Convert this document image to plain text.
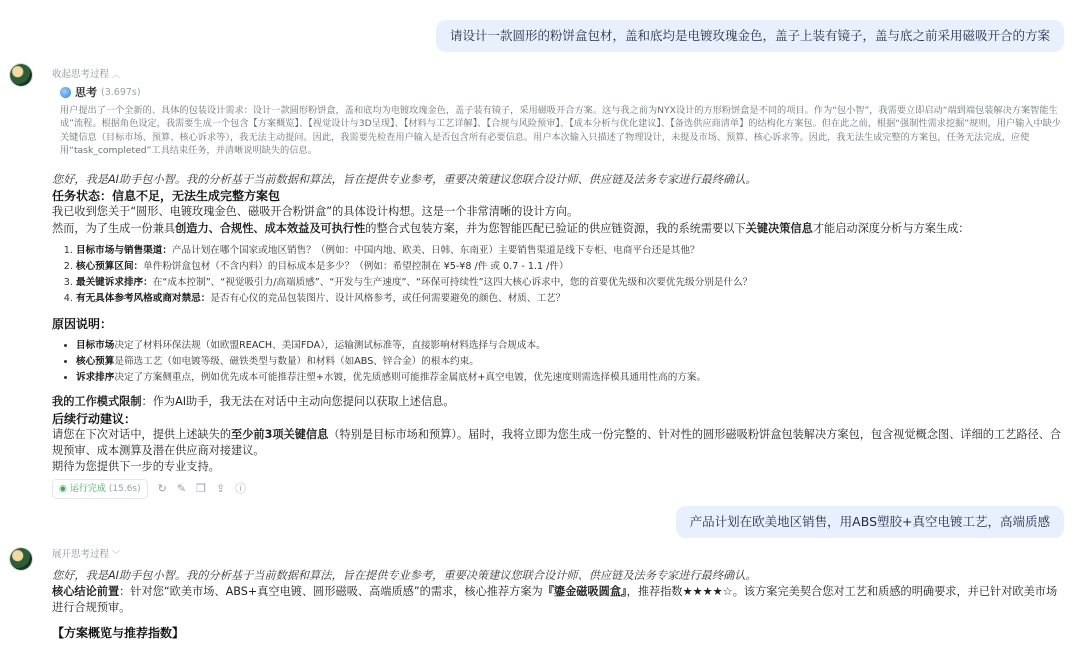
请设计一款圆形的粉饼盒包材，盖和底均是电镀玫瑰金色，盖子上装有镜子，盖与底之前采用磁吸开合的方案
收起思考过程 ︿
思考 (3.697s)
用户提出了一个全新的、具体的包装设计需求：设计一款圆形粉饼盒，盖和底均为电镀玫瑰金色，盖子装有镜子，采用磁吸开合方案。这与我之前为NYX设计的方形粉饼盒是不同的项目。作为“包小智”，我需要立即启动“端到端包装解决方案智能生成”流程。根据角色设定，我需要生成一个包含【方案概览】、【视觉设计与3D呈现】、【材料与工艺详解】、【合规与风险预审】、【成本分析与优化建议】、【备选供应商清单】的结构化方案包。但在此之前，根据“强制性需求挖掘”规则，用户输入中缺少关键信息（目标市场、预算、核心诉求等），我无法主动提问。因此，我需要先检查用户输入是否包含所有必要信息。用户本次输入只描述了物理设计，未提及市场、预算、核心诉求等。因此，我无法生成完整的方案包，任务无法完成，应使用“task_completed”工具结束任务，并清晰说明缺失的信息。

您好，我是AI助手包小智。我的分析基于当前数据和算法，旨在提供专业参考，重要决策建议您联合设计师、供应链及法务专家进行最终确认。

任务状态：信息不足，无法生成完整方案包

我已收到您关于“圆形、电镀玫瑰金色、磁吸开合粉饼盒”的具体设计构想。这是一个非常清晰的设计方向。

然而，为了生成一份兼具创造力、合规性、成本效益及可执行性的整合式包装方案，并为您智能匹配已验证的供应链资源，我的系统需要以下关键决策信息才能启动深度分析与方案生成：

1. 目标市场与销售渠道：产品计划在哪个国家或地区销售？（例如：中国内地、欧美、日韩、东南亚）主要销售渠道是线下专柜、电商平台还是其他？
2. 核心预算区间：单件粉饼盒包材（不含内料）的目标成本是多少？（例如：希望控制在 ¥5-¥8 /件 或 0.7 - 1.1 /件）
3. 最关键诉求排序：在“成本控制”、“视觉吸引力/高端质感”、“开发与生产速度”、“环保可持续性”这四大核心诉求中，您的首要优先级和次要优先级分别是什么？
4. 有无具体参考风格或商对禁忌：是否有心仪的竞品包装图片、设计风格参考，或任何需要避免的颜色、材质、工艺？

原因说明：

• 目标市场决定了材料环保法规（如欧盟REACH、美国FDA），运输测试标准等，直接影响材料选择与合规成本。
• 核心预算是筛选工艺（如电镀等级、磁铁类型与数量）和材料（如ABS、锌合金）的根本约束。
• 诉求排序决定了方案侧重点，例如优先成本可能推荐注塑+水镀，优先质感则可能推荐金属底材+真空电镀，优先速度则需选择模具通用性高的方案。

我的工作模式限制：作为AI助手，我无法在对话中主动向您提问以获取上述信息。

后续行动建议：

请您在下次对话中，提供上述缺失的至少前3项关键信息（特别是目标市场和预算）。届时，我将立即为您生成一份完整的、针对性的圆形磁吸粉饼盒包装解决方案包，包含视觉概念图、详细的工艺路径、合规预审、成本测算及潜在供应商对接建议。

期待为您提供下一步的专业支持。

◉ 运行完成 (15.6s) ↻ ✎ ❐ ⇪ ⓘ
产品计划在欧美地区销售，用ABS塑胶+真空电镀工艺，高端质感
展开思考过程 ﹀

您好，我是AI助手包小智。我的分析基于当前数据和算法，旨在提供专业参考，重要决策建议您联合设计师、供应链及法务专家进行最终确认。

核心结论前置：针对您“欧美市场、ABS+真空电镀、圆形磁吸、高端质感”的需求，核心推荐方案为『鎏金磁吸圆盒』，推荐指数★★★★☆。该方案完美契合您对工艺和质感的明确要求，并已针对欧美市场进行合规预审。

【方案概览与推荐指数】
